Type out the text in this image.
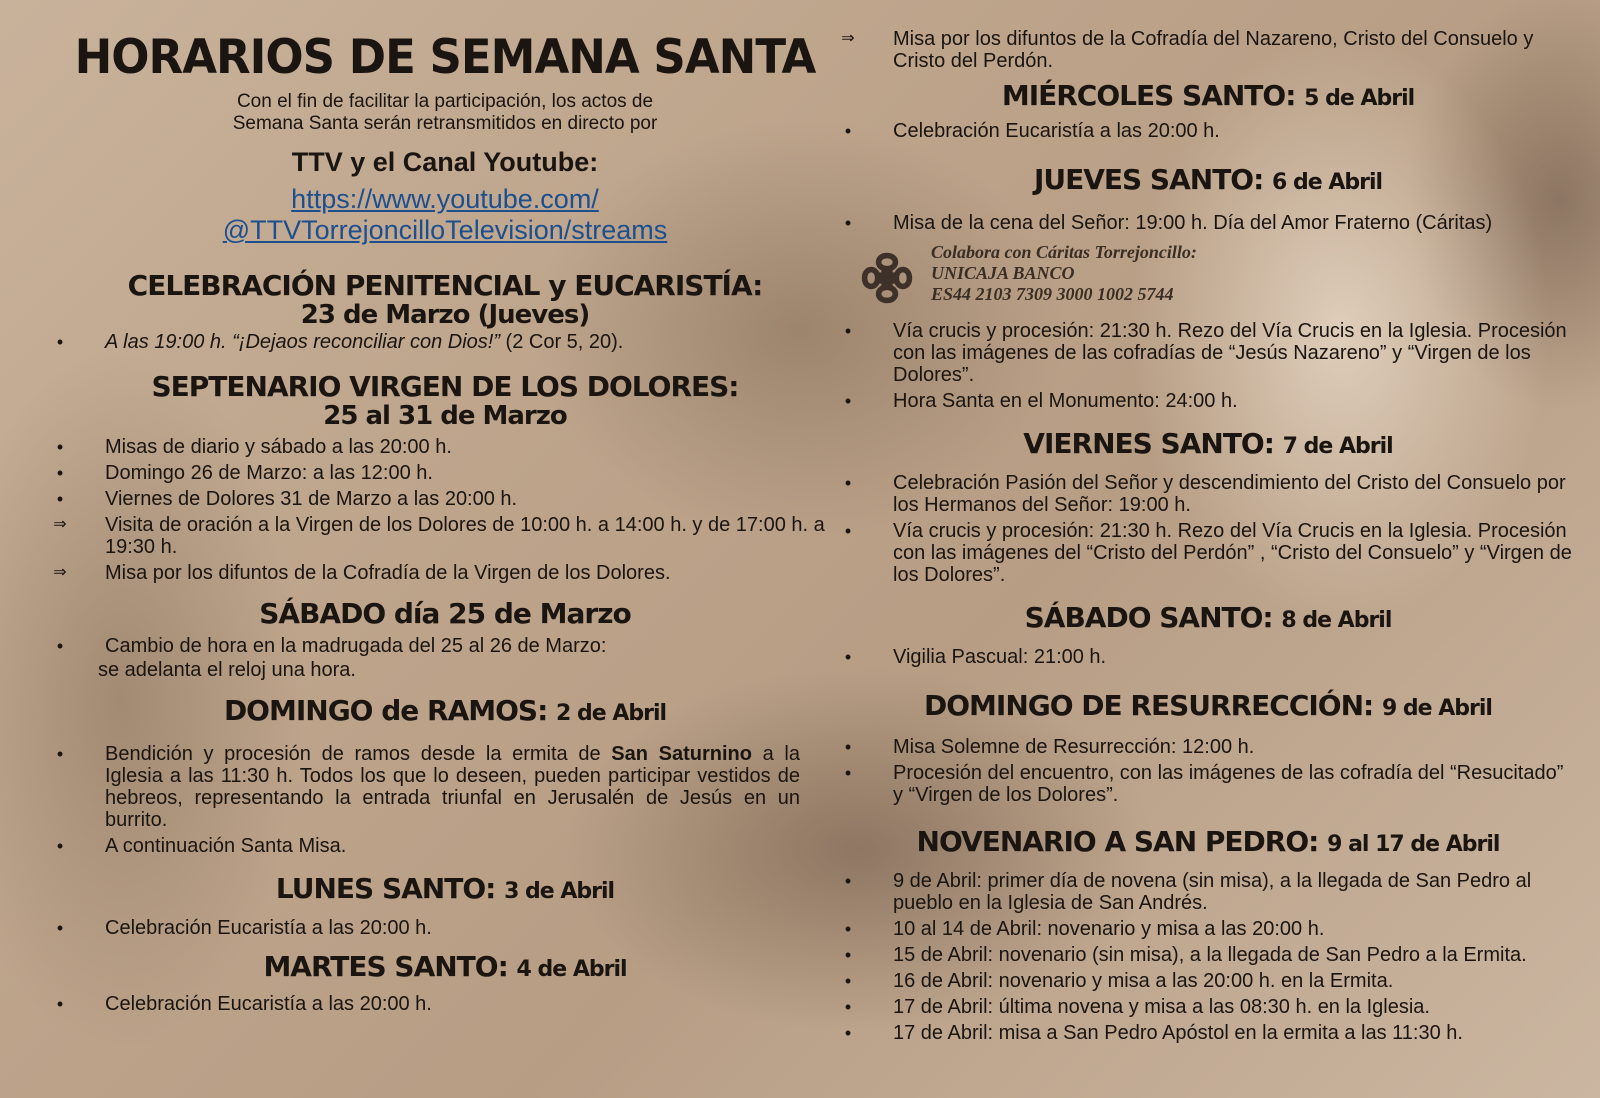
HORARIOS DE SEMANA SANTA
Con el fin de facilitar la participación, los actos de
Semana Santa serán retransmitidos en directo por
TTV y el Canal Youtube:
https://www.youtube.com/
@TTVTorrejoncilloTelevision/streams
CELEBRACIÓN PENITENCIAL y EUCARISTÍA:
23 de Marzo (Jueves)
•	A las 19:00 h. “¡Dejaos reconciliar con Dios!” (2 Cor 5, 20).
SEPTENARIO VIRGEN DE LOS DOLORES:
25 al 31 de Marzo
•	Misas de diario y sábado a las 20:00 h.
•	Domingo 26 de Marzo: a las 12:00 h.
•	Viernes de Dolores 31 de Marzo a las 20:00 h.
⇒ Visita de oración a la Virgen de los Dolores de 10:00 h. a 14:00 h. y de 17:00 h. a 19:30 h.
⇒ Misa por los difuntos de la Cofradía de la Virgen de los Dolores.
SÁBADO día 25 de Marzo
•	Cambio de hora en la madrugada del 25 al 26 de Marzo:
se adelanta el reloj una hora.
DOMINGO de RAMOS: 2 de Abril
•	Bendición y procesión de ramos desde la ermita de San Saturnino a la Iglesia a las 11:30 h. Todos los que lo deseen, pueden participar vestidos de hebreos, representando la entrada triunfal en Jerusalén de Jesús en un burrito.
•	A continuación Santa Misa.
LUNES SANTO: 3 de Abril
•	Celebración Eucaristía a las 20:00 h.
MARTES SANTO: 4 de Abril
•	Celebración Eucaristía a las 20:00 h.
⇒ Misa por los difuntos de la Cofradía del Nazareno, Cristo del Consuelo y Cristo del Perdón.
MIÉRCOLES SANTO: 5 de Abril
•	Celebración Eucaristía a las 20:00 h.
JUEVES SANTO: 6 de Abril
•	Misa de la cena del Señor: 19:00 h. Día del Amor Fraterno (Cáritas)
Colabora con Cáritas Torrejoncillo:
UNICAJA BANCO
ES44 2103 7309 3000 1002 5744
•	Vía crucis y procesión: 21:30 h. Rezo del Vía Crucis en la Iglesia. Procesión con las imágenes de las cofradías de “Jesús Nazareno” y “Virgen de los Dolores”.
•	Hora Santa en el Monumento: 24:00 h.
VIERNES SANTO: 7 de Abril
•	Celebración Pasión del Señor y descendimiento del Cristo del Consuelo por los Hermanos del Señor: 19:00 h.
•	Vía crucis y procesión: 21:30 h. Rezo del Vía Crucis en la Iglesia. Procesión con las imágenes del “Cristo del Perdón” , “Cristo del Consuelo” y “Virgen de los Dolores”.
SÁBADO SANTO: 8 de Abril
•	Vigilia Pascual: 21:00 h.
DOMINGO DE RESURRECCIÓN: 9 de Abril
•	Misa Solemne de Resurrección: 12:00 h.
•	Procesión del encuentro, con las imágenes de las cofradía del “Resucitado” y “Virgen de los Dolores”.
NOVENARIO A SAN PEDRO: 9 al 17 de Abril
•	9 de Abril: primer día de novena (sin misa), a la llegada de San Pedro al pueblo en la Iglesia de San Andrés.
•	10 al 14 de Abril: novenario y misa a las 20:00 h.
•	15 de Abril: novenario (sin misa), a la llegada de San Pedro a la Ermita.
•	16 de Abril: novenario y misa a las 20:00 h. en la Ermita.
•	17 de Abril: última novena y misa a las 08:30 h. en la Iglesia.
•	17 de Abril: misa a San Pedro Apóstol en la ermita a las 11:30 h.
